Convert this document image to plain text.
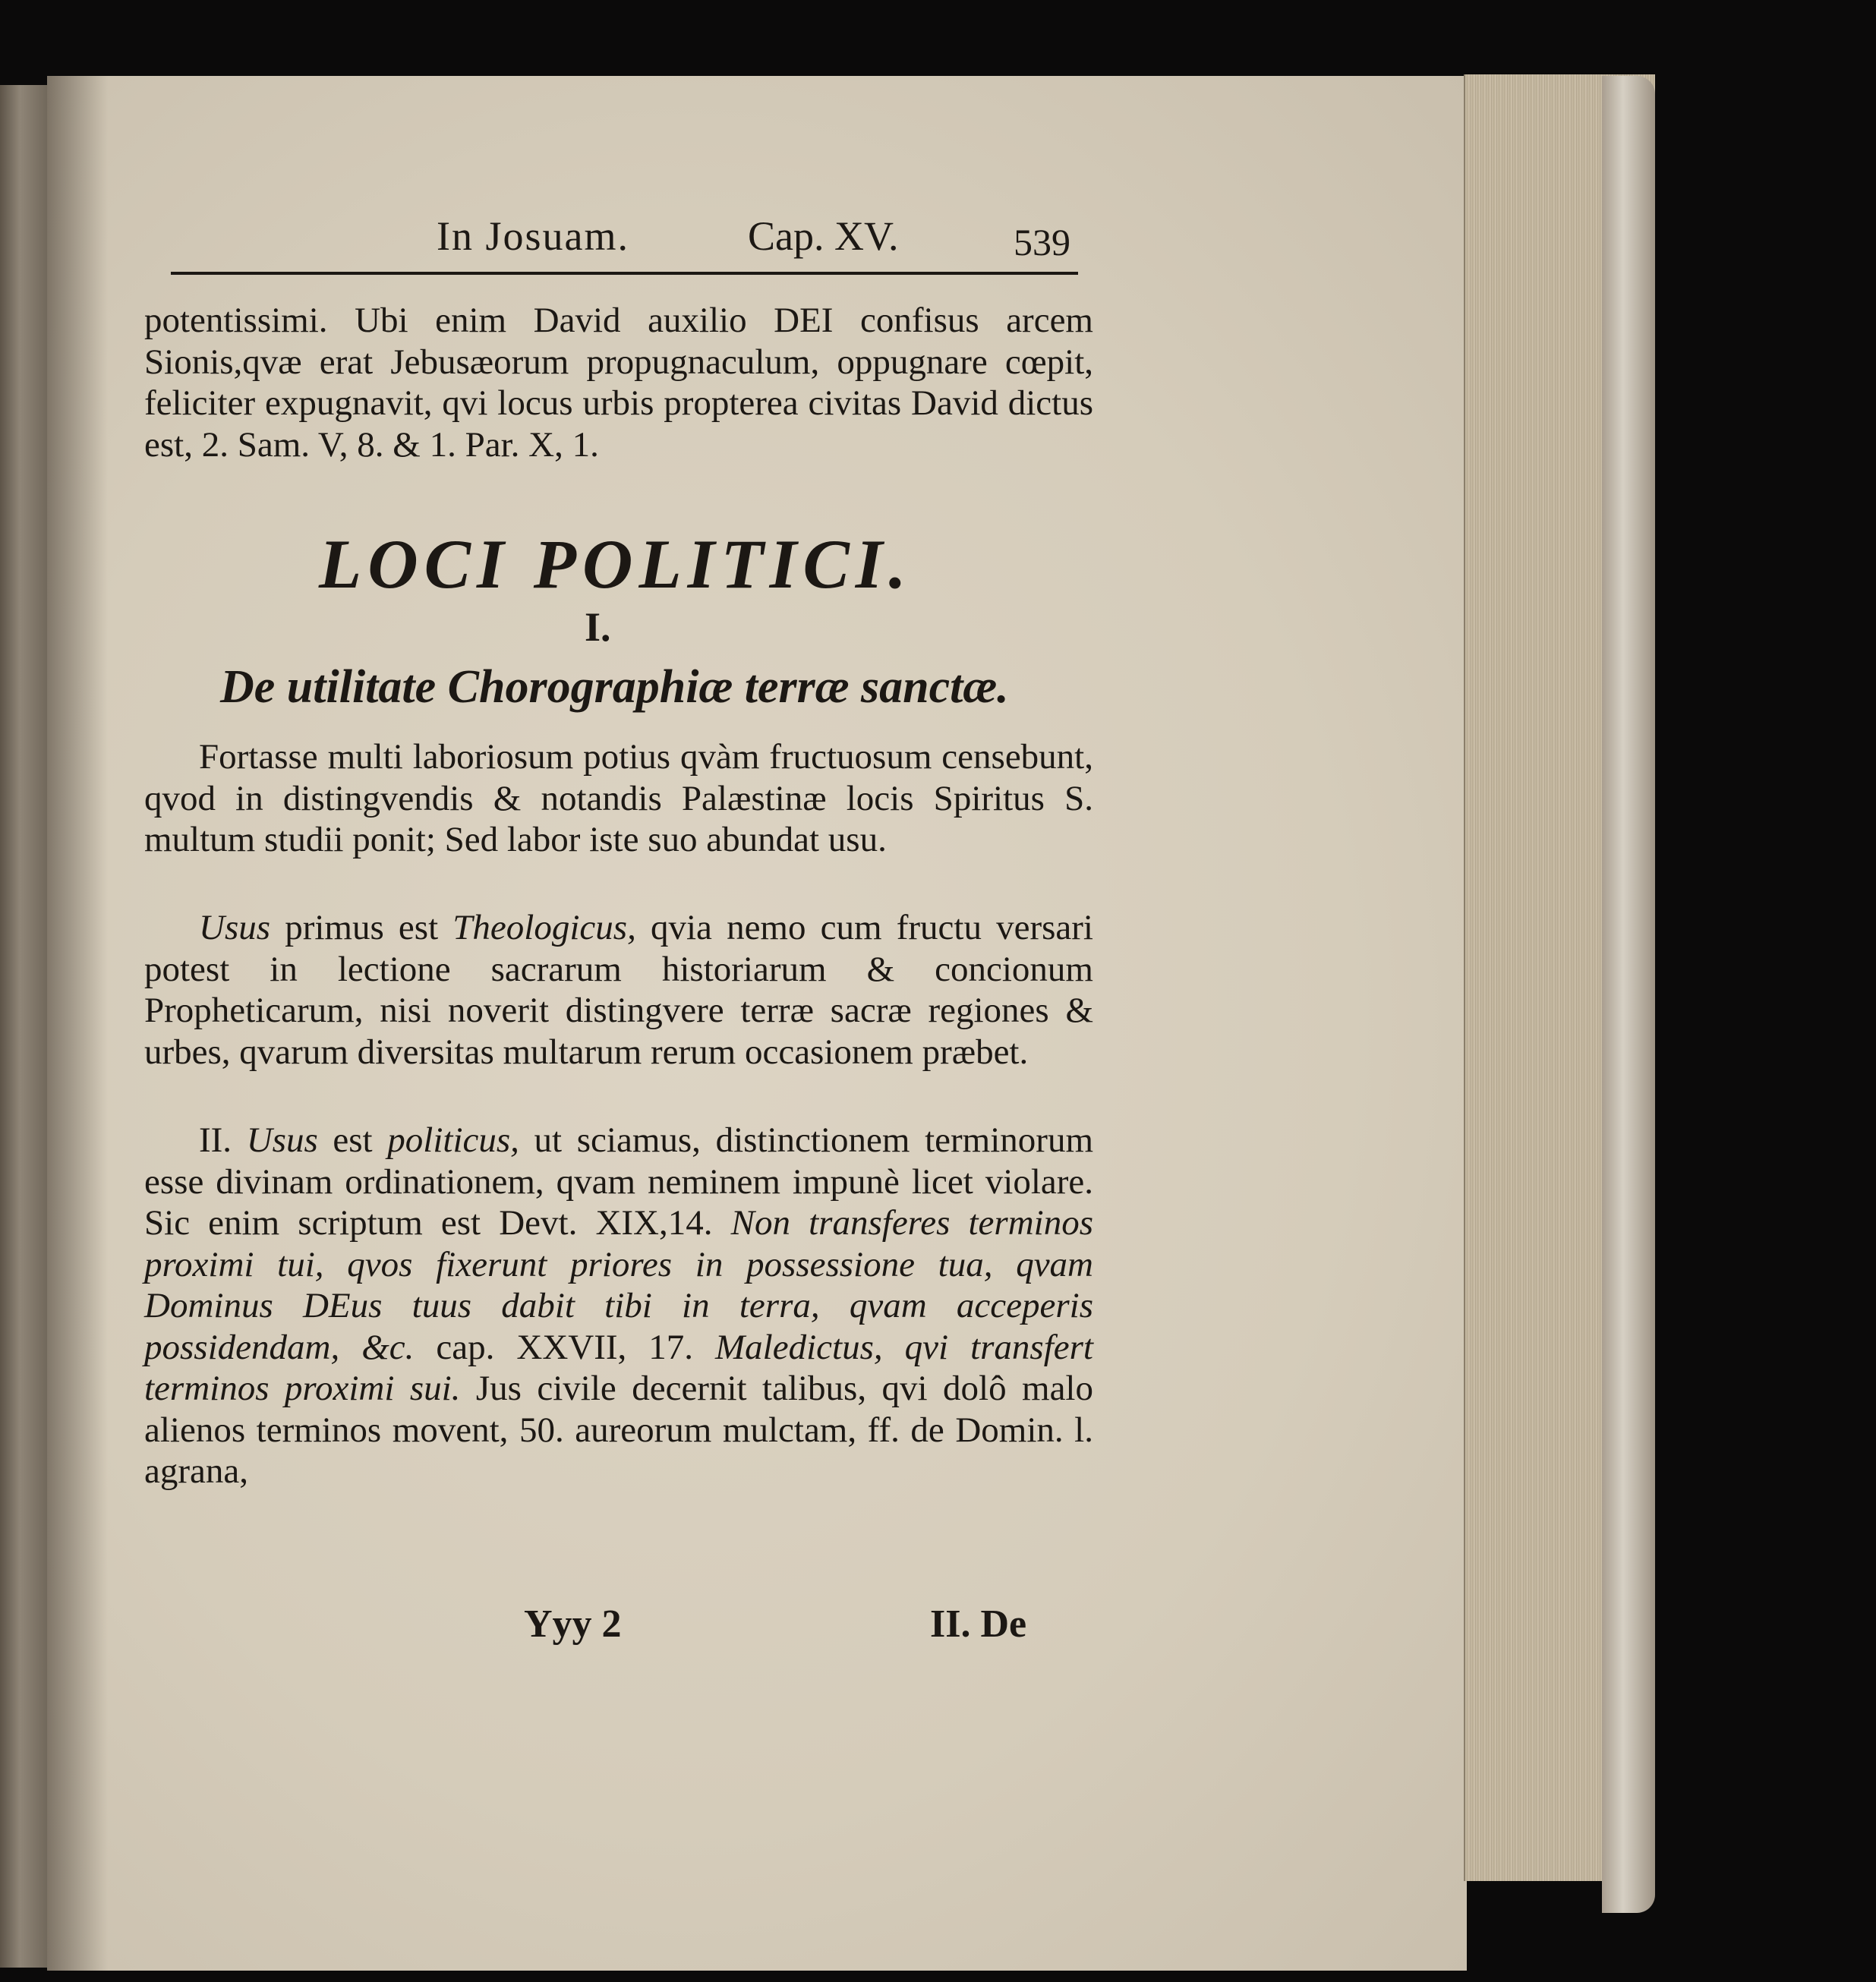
In Josuam.	Cap. XV.	539

potentissimi. Ubi enim David auxilio DEI confisus arcem Sionis,qvæ erat Jebusæorum propugnaculum, oppugnare cœpit, feliciter expugnavit, qvi locus urbis propterea civitas David dictus est, 2. Sam. V, 8. & 1. Par. X, 1.

LOCI POLITICI.
I.
De utilitate Chorographiæ terræ sanctæ.

Fortasse multi laboriosum potius qvàm fructuosum censebunt, qvod in distingvendis & notandis Palæstinæ locis Spiritus S. multum studii ponit; Sed labor iste suo abundat usu.

Usus primus est Theologicus, qvia nemo cum fructu versari potest in lectione sacrarum historiarum & concionum Propheticarum, nisi noverit distingvere terræ sacræ regiones & urbes, qvarum diversitas multarum rerum occasionem præbet.

II. Usus est politicus, ut sciamus, distinctionem terminorum esse divinam ordinationem, qvam neminem impunè licet violare. Sic enim scriptum est Devt. XIX,14. Non transferes terminos proximi tui, qvos fixerunt priores in possessione tua, qvam Dominus DEus tuus dabit tibi in terra, qvam acceperis possidendam, &c. cap. XXVII, 17. Maledictus, qvi transfert terminos proximi sui. Jus civile decernit talibus, qvi dolô malo alienos terminos movent, 50. aureorum mulctam, ff. de Domin. l. agrana,

Yyy 2	II. De
